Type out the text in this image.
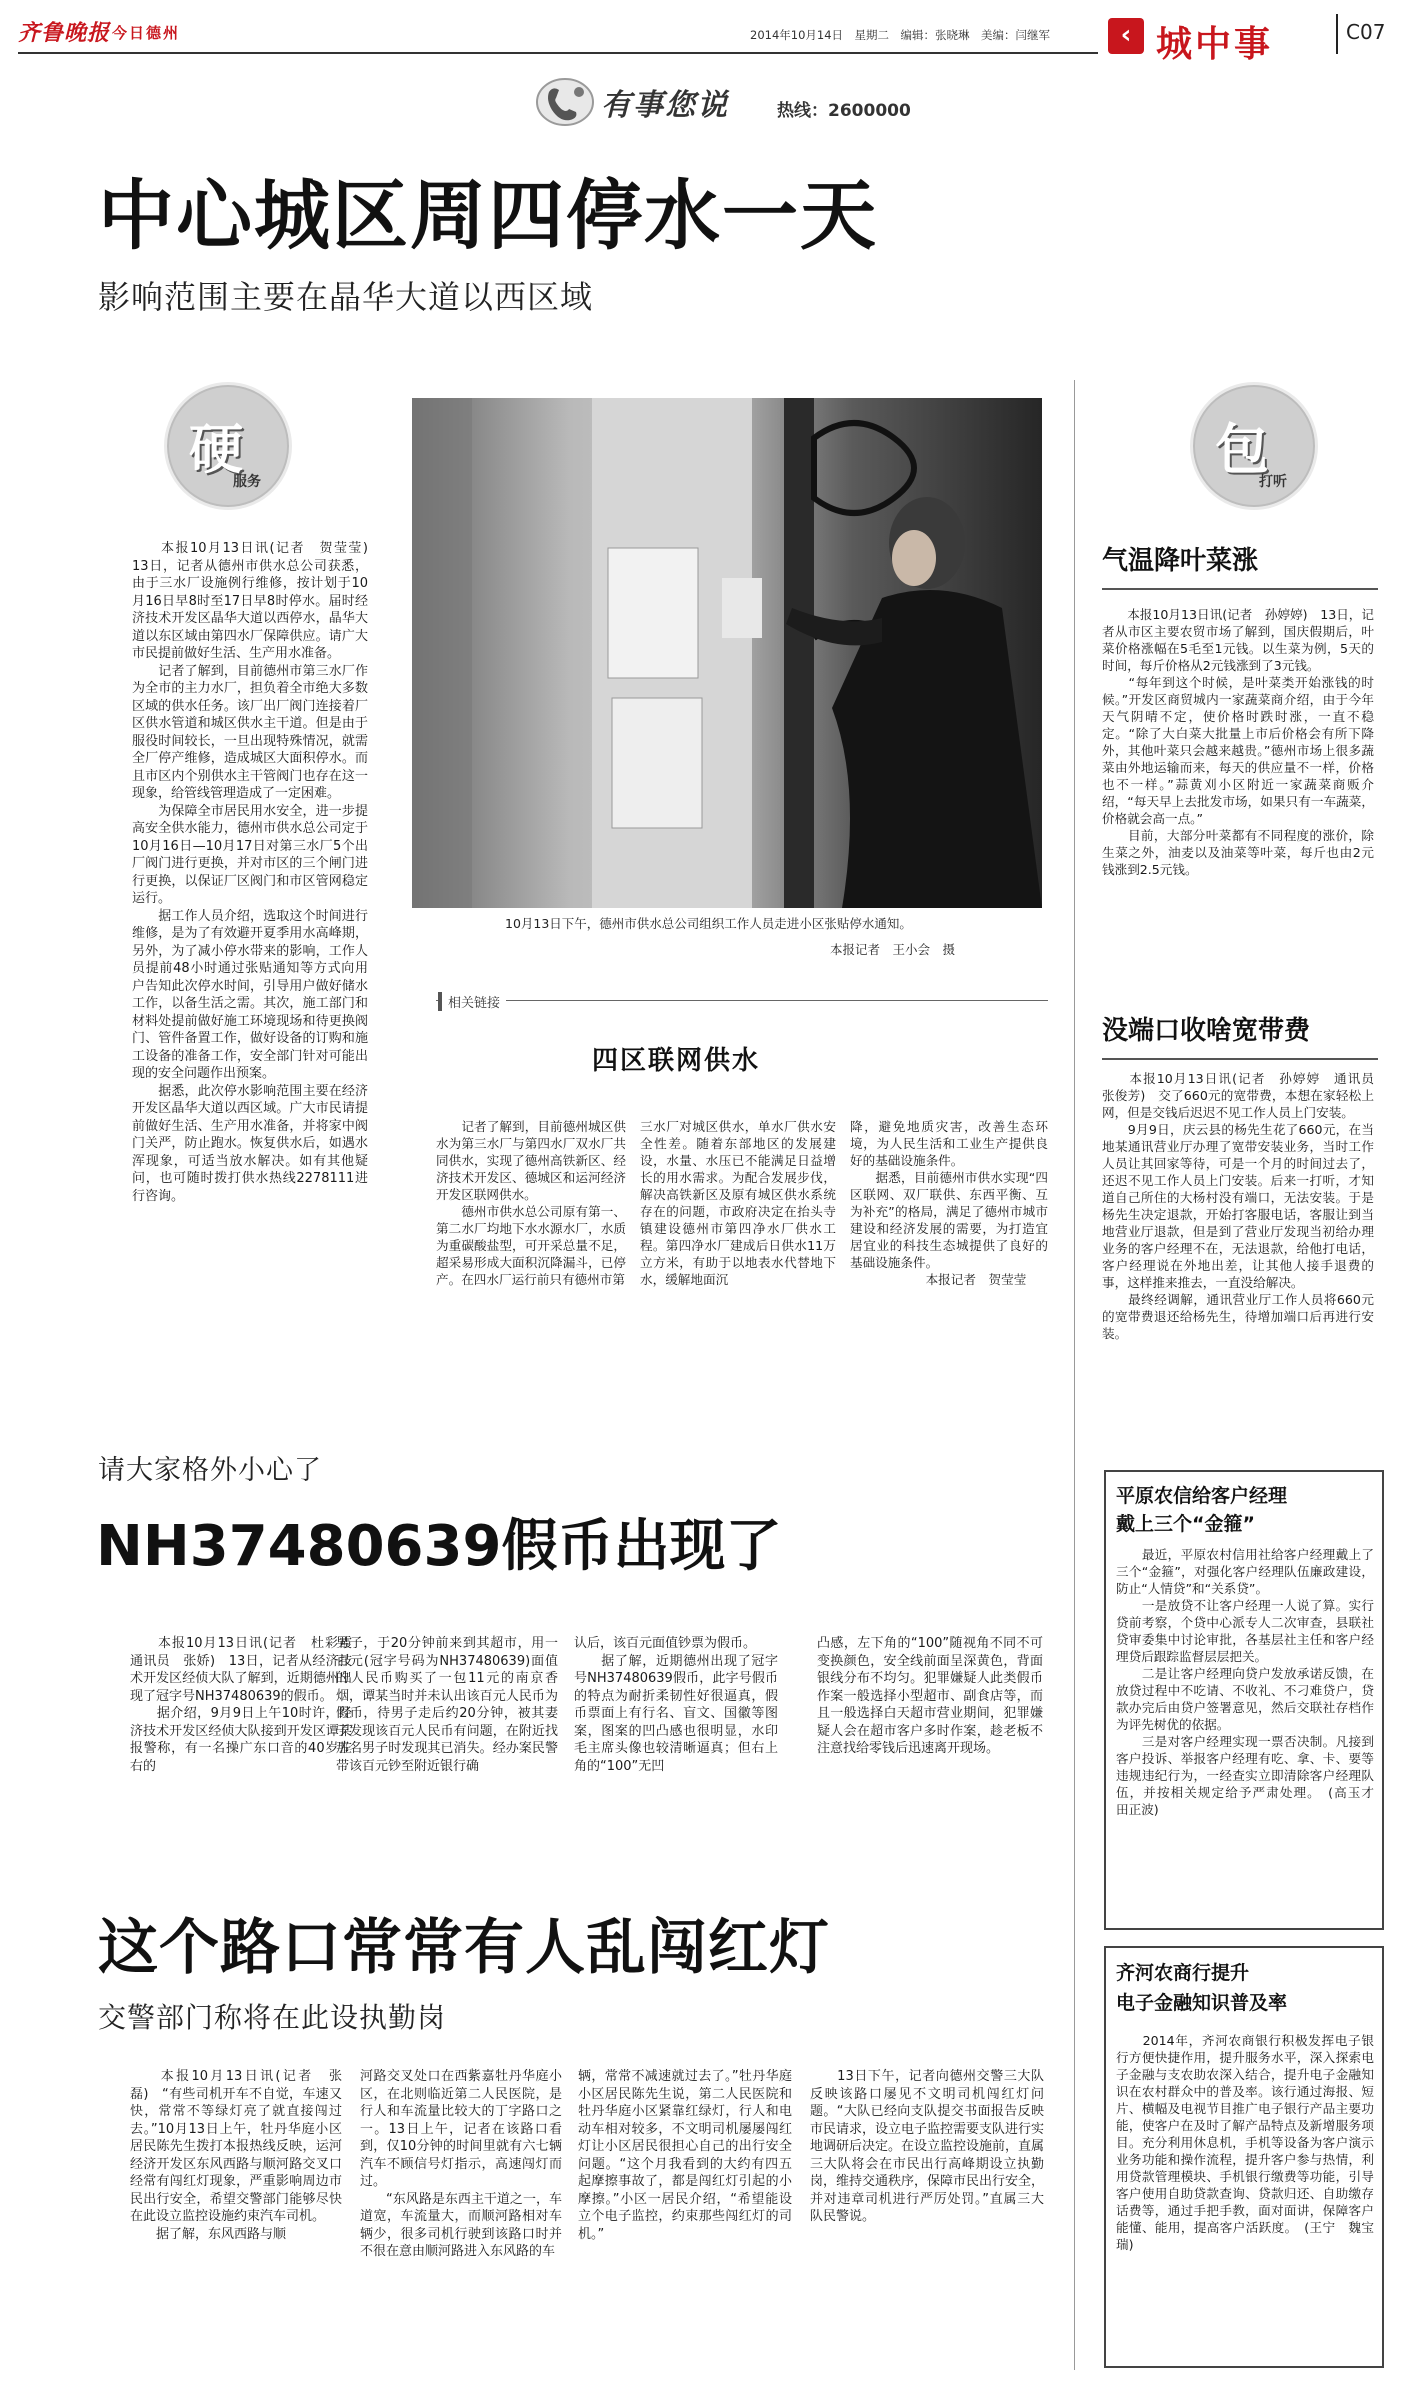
齐鲁晚报 今日德州	2014年10月14日　星期二　编辑：张晓琳　美编：闫继军	‹ 城中事	C07
有事您说	热线：2600000
中心城区周四停水一天
影响范围主要在晶华大道以西区域
硬
服务
　　本报10月13日讯(记者　贺莹莹)　13日，记者从德州市供水总公司获悉，由于三水厂设施例行维修，按计划于10月16日早8时至17日早8时停水。届时经济技术开发区晶华大道以西停水，晶华大道以东区域由第四水厂保障供应。请广大市民提前做好生活、生产用水准备。
　　记者了解到，目前德州市第三水厂作为全市的主力水厂，担负着全市绝大多数区域的供水任务。该厂出厂阀门连接着厂区供水管道和城区供水主干道。但是由于服役时间较长，一旦出现特殊情况，就需全厂停产维修，造成城区大面积停水。而且市区内个别供水主干管阀门也存在这一现象，给管线管理造成了一定困难。
　　为保障全市居民用水安全，进一步提高安全供水能力，德州市供水总公司定于10月16日—10月17日对第三水厂5个出厂阀门进行更换，并对市区的三个闸门进行更换，以保证厂区阀门和市区管网稳定运行。
　　据工作人员介绍，选取这个时间进行维修，是为了有效避开夏季用水高峰期，另外，为了减小停水带来的影响，工作人员提前48小时通过张贴通知等方式向用户告知此次停水时间，引导用户做好储水工作，以备生活之需。其次，施工部门和材料处提前做好施工环境现场和待更换阀门、管件备置工作，做好设备的订购和施工设备的准备工作，安全部门针对可能出现的安全问题作出预案。
　　据悉，此次停水影响范围主要在经济开发区晶华大道以西区域。广大市民请提前做好生活、生产用水准备，并将家中阀门关严，防止跑水。恢复供水后，如遇水浑现象，可适当放水解决。如有其他疑问，也可随时拨打供水热线2278111进行咨询。
10月13日下午，德州市供水总公司组织工作人员走进小区张贴停水通知。
本报记者　王小会　摄
相关链接
四区联网供水
　　记者了解到，目前德州城区供水为第三水厂与第四水厂双水厂共同供水，实现了德州高铁新区、经济技术开发区、德城区和运河经济开发区联网供水。
　　德州市供水总公司原有第一、第二水厂均地下水水源水厂，水质为重碳酸盐型，可开采总量不足，超采易形成大面积沉降漏斗，已停产。在四水厂运行前只有德州市第
三水厂对城区供水，单水厂供水安全性差。随着东部地区的发展建设，水量、水压已不能满足日益增长的用水需求。为配合发展步伐，解决高铁新区及原有城区供水系统存在的问题，市政府决定在抬头寺镇建设德州市第四净水厂供水工程。第四净水厂建成后日供水11万立方米，有助于以地表水代替地下水，缓解地面沉
降，避免地质灾害，改善生态环境，为人民生活和工业生产提供良好的基础设施条件。
　　据悉，目前德州市供水实现“四区联网、双厂联供、东西平衡、互为补充”的格局，满足了德州市城市建设和经济发展的需要，为打造宜居宜业的科技生态城提供了良好的基础设施条件。
　　　　　　本报记者　贺莹莹
请大家格外小心了
NH37480639假币出现了
　　本报10月13日讯(记者　杜彩霞　通讯员　张娇)　13日，记者从经济技术开发区经侦大队了解到，近期德州出现了冠字号NH37480639的假币。
　　据介绍，9月9日上午10时许，经济技术开发区经侦大队接到开发区谭某报警称，有一名操广东口音的40岁左右的
男子，于20分钟前来到其超市，用一百元(冠字号码为NH37480639)面值的人民币购买了一包11元的南京香烟，谭某当时并未认出该百元人民币为假币，待男子走后约20分钟，被其妻子发现该百元人民币有问题，在附近找那名男子时发现其已消失。经办案民警带该百元钞至附近银行确
认后，该百元面值钞票为假币。
　　据了解，近期德州出现了冠字号NH37480639假币，此字号假币的特点为耐折柔韧性好很逼真，假币票面上有行名、盲文、国徽等图案，图案的凹凸感也很明显，水印毛主席头像也较清晰逼真；但右上角的“100”无凹
凸感，左下角的“100”随视角不同不可变换颜色，安全线前面呈深黄色，背面银线分布不均匀。犯罪嫌疑人此类假币作案一般选择小型超市、副食店等，而且一般选择白天超市营业期间，犯罪嫌疑人会在超市客户多时作案，趁老板不注意找给零钱后迅速离开现场。
这个路口常常有人乱闯红灯
交警部门称将在此设执勤岗
　　本报10月13日讯(记者　张磊)　“有些司机开车不自觉，车速又快，常常不等绿灯亮了就直接闯过去。”10月13日上午，牡丹华庭小区居民陈先生拨打本报热线反映，运河经济开发区东风西路与顺河路交叉口经常有闯红灯现象，严重影响周边市民出行安全，希望交警部门能够尽快在此设立监控设施约束汽车司机。
　　据了解，东风西路与顺
河路交叉处口在西紫嘉牡丹华庭小区，在北则临近第二人民医院，是行人和车流量比较大的丁字路口之一。13日上午，记者在该路口看到，仅10分钟的时间里就有六七辆汽车不顾信号灯指示，高速闯灯而过。
　　“东风路是东西主干道之一，车道宽，车流量大，而顺河路相对车辆少，很多司机行驶到该路口时并不很在意由顺河路进入东风路的车
辆，常常不减速就过去了。”牡丹华庭小区居民陈先生说，第二人民医院和牡丹华庭小区紧靠红绿灯，行人和电动车相对较多，不文明司机屡屡闯红灯让小区居民很担心自己的出行安全问题。“这个月我看到的大约有四五起摩擦事故了，都是闯红灯引起的小摩擦。”小区一居民介绍，“希望能设立个电子监控，约束那些闯红灯的司机。”
　　13日下午，记者向德州交警三大队反映该路口屡见不文明司机闯红灯问题。“大队已经向支队提交书面报告反映市民请求，设立电子监控需要支队进行实地调研后决定。在设立监控设施前，直属三大队将会在市民出行高峰期设立执勤岗，维持交通秩序，保障市民出行安全，并对违章司机进行严厉处罚。”直属三大队民警说。
包
打听
气温降叶菜涨
　　本报10月13日讯(记者　孙婷婷)　13日，记者从市区主要农贸市场了解到，国庆假期后，叶菜价格涨幅在5毛至1元钱。以生菜为例，5天的时间，每斤价格从2元钱涨到了3元钱。
　　“每年到这个时候，是叶菜类开始涨钱的时候。”开发区商贸城内一家蔬菜商介绍，由于今年天气阴晴不定，使价格时跌时涨，一直不稳定。“除了大白菜大批量上市后价格会有所下降外，其他叶菜只会越来越贵。”德州市场上很多蔬菜由外地运输而来，每天的供应量不一样，价格也不一样。”蒜黄刈小区附近一家蔬菜商贩介绍，“每天早上去批发市场，如果只有一车蔬菜，价格就会高一点。”
　　目前，大部分叶菜都有不同程度的涨价，除生菜之外，油麦以及油菜等叶菜，每斤也由2元钱涨到2.5元钱。
没端口收啥宽带费
　　本报10月13日讯(记者　孙婷婷　通讯员　张俊芳)　交了660元的宽带费，本想在家轻松上网，但是交钱后迟迟不见工作人员上门安装。
　　9月9日，庆云县的杨先生花了660元，在当地某通讯营业厅办理了宽带安装业务，当时工作人员让其回家等待，可是一个月的时间过去了，还迟不见工作人员上门安装。后来一打听，才知道自己所住的大杨村没有端口，无法安装。于是杨先生决定退款，开始打客服电话，客服让到当地营业厅退款，但是到了营业厅发现当初给办理业务的客户经理不在，无法退款，给他打电话，客户经理说在外地出差，让其他人接手退费的事，这样推来推去，一直没给解决。
　　最终经调解，通讯营业厅工作人员将660元的宽带费退还给杨先生，待增加端口后再进行安装。
平原农信给客户经理
戴上三个“金箍”
　　最近，平原农村信用社给客户经理戴上了三个“金箍”，对强化客户经理队伍廉政建设，防止“人情贷”和“关系贷”。
　　一是放贷不让客户经理一人说了算。实行贷前考察，个贷中心派专人二次审查，县联社贷审委集中讨论审批，各基层社主任和客户经理贷后跟踪监督层层把关。
　　二是让客户经理向贷户发放承诺反馈，在放贷过程中不吃请、不收礼、不刁难贷户，贷款办完后由贷户签署意见，然后交联社存档作为评先树优的依据。
　　三是对客户经理实现一票否决制。凡接到客户投诉、举报客户经理有吃、拿、卡、要等违规违纪行为，一经查实立即清除客户经理队伍，并按相关规定给予严肃处理。　(高玉才　田正波)
齐河农商行提升
电子金融知识普及率
　　2014年，齐河农商银行积极发挥电子银行方便快捷作用，提升服务水平，深入探索电子金融与支农助农深入结合，提升电子金融知识在农村群众中的普及率。该行通过海报、短片、横幅及电视节目推广电子银行产品主要功能，使客户在及时了解产品特点及新增服务项目。充分利用休息机，手机等设备为客户演示业务功能和操作流程，提升客户参与热情，利用贷款管理模块、手机银行缴费等功能，引导客户使用自助贷款查询、贷款归还、自助缴存话费等，通过手把手教，面对面讲，保障客户能懂、能用，提高客户活跃度。　(王宁　魏宝瑞)
